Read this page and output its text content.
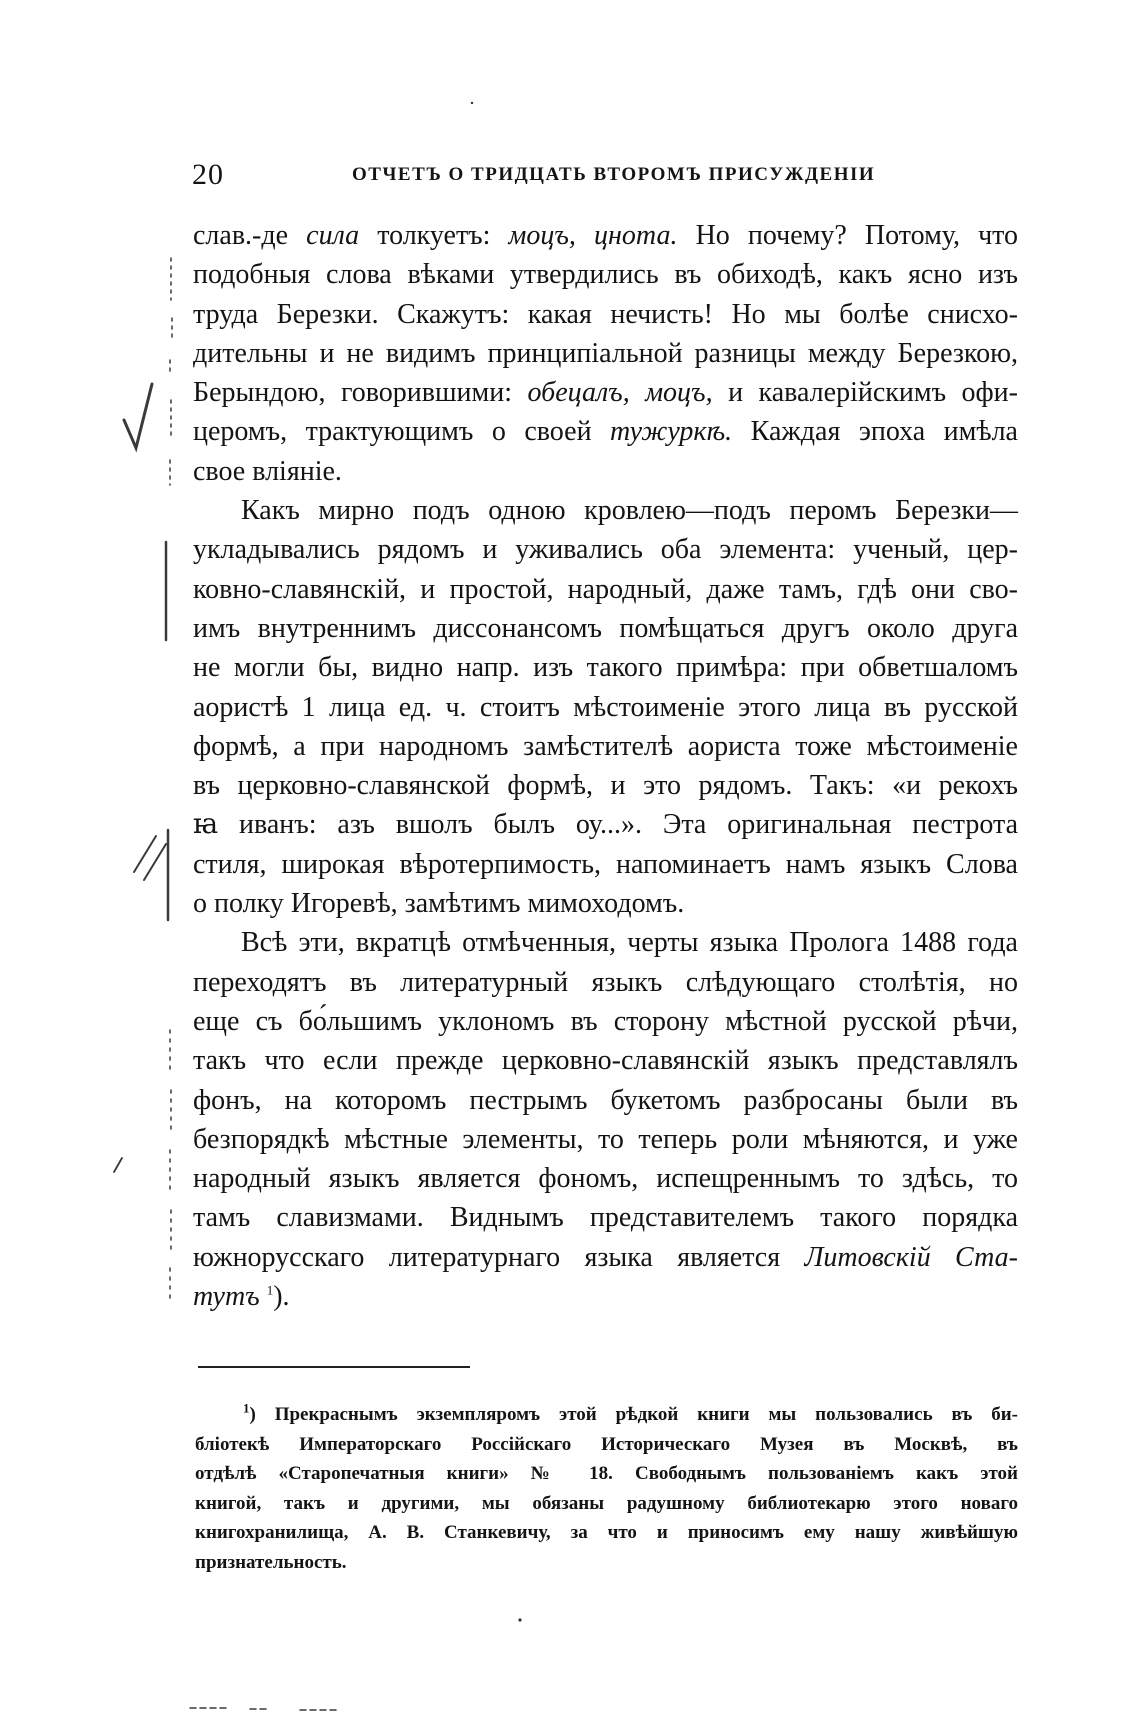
20	ОТЧЕТЪ О ТРИДЦАТЬ ВТОРОМЪ ПРИСУЖДЕНІИ
слав.-де сила толкуетъ: моцъ, цнота. Но почему? Потому, что
подобныя слова вѣками утвердились въ обиходѣ, какъ ясно изъ
труда Березки. Скажутъ: какая нечисть! Но мы болѣе снисхо-
дительны и не видимъ принципіальной разницы между Березкою,
Берындою, говорившими: обецалъ, моцъ, и кавалерійскимъ офи-
церомъ, трактующимъ о своей тужуркѣ. Каждая эпоха имѣла
свое вліяніе.
Какъ мирно подъ одною кровлею—подъ перомъ Березки—
укладывались рядомъ и уживались оба элемента: ученый, цер-
ковно-славянскій, и простой, народный, даже тамъ, гдѣ они сво-
имъ внутреннимъ диссонансомъ помѣщаться другъ около друга
не могли бы, видно напр. изъ такого примѣра: при обветшаломъ
аористѣ 1 лица ед. ч. стоитъ мѣстоименіе этого лица въ русской
формѣ, а при народномъ замѣстителѣ аориста тоже мѣстоименіе
въ церковно-славянской формѣ, и это рядомъ. Такъ: «и рекохъ
ꙗ иванъ: азъ вшолъ былъ оу...». Эта оригинальная пестрота
стиля, широкая вѣротерпимость, напоминаетъ намъ языкъ Слова
о полку Игоревѣ, замѣтимъ мимоходомъ.
Всѣ эти, вкратцѣ отмѣченныя, черты языка Пролога 1488 года
переходятъ въ литературный языкъ слѣдующаго столѣтія, но
еще съ бо́льшимъ уклономъ въ сторону мѣстной русской рѣчи,
такъ что если прежде церковно-славянскій языкъ представлялъ
фонъ, на которомъ пестрымъ букетомъ разбросаны были въ
безпорядкѣ мѣстные элементы, то теперь роли мѣняются, и уже
народный языкъ является фономъ, испещреннымъ то здѣсь, то
тамъ славизмами. Виднымъ представителемъ такого порядка
южнорусскаго литературнаго языка является Литовскій Ста-
тутъ $^1$).
$^1$) Прекраснымъ экземпляромъ этой рѣдкой книги мы пользовались въ би-
бліотекѣ Императорскаго Россійскаго Историческаго Музея въ Москвѣ, въ
отдѣлѣ «Старопечатныя книги» № 18. Свободнымъ пользованіемъ какъ этой
книгой, такъ и другими, мы обязаны радушному библиотекарю этого новаго
книгохранилища, А. В. Станкевичу, за что и приносимъ ему нашу живѣйшую
признательность.
